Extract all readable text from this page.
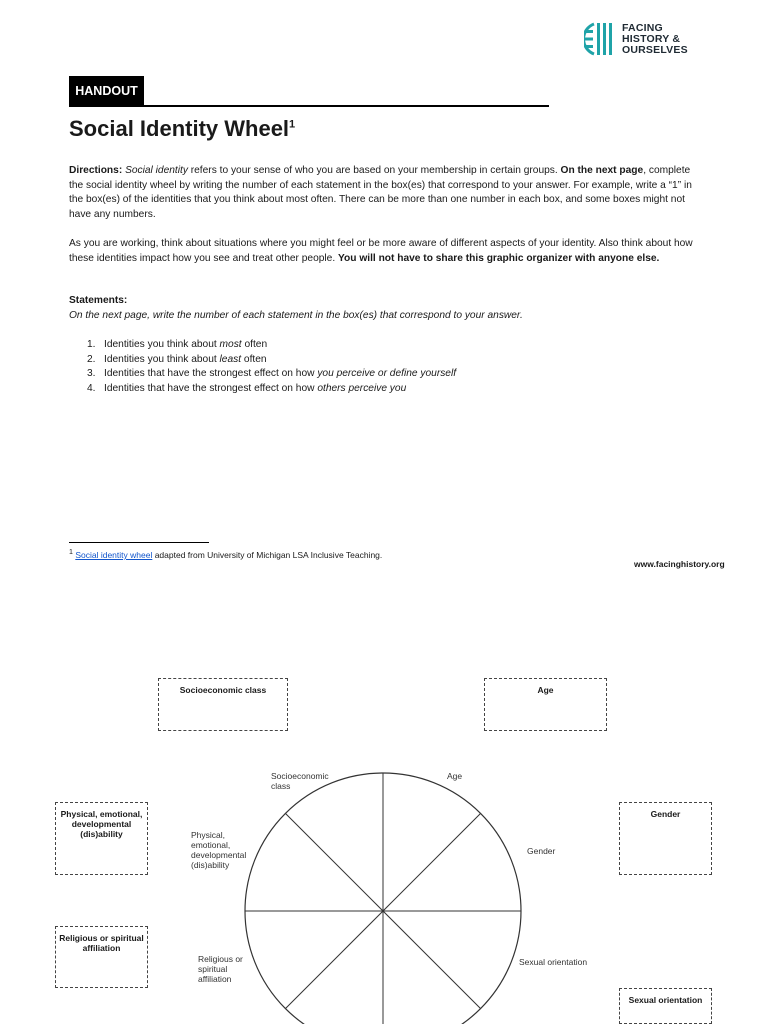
FACING
HISTORY &
OURSELVES
HANDOUT
Social Identity Wheel$^1$
Directions: Social identity refers to your sense of who you are based on your membership in certain groups. On the next page, complete the social identity wheel by writing the number of each statement in the box(es) that correspond to your answer. For example, write a “1” in the box(es) of the identities that you think about most often. There can be more than one number in each box, and some boxes might not have any numbers.
As you are working, think about situations where you might feel or be more aware of different aspects of your identity. Also think about how these identities impact how you see and treat other people. You will not have to share this graphic organizer with anyone else.
Statements:
On the next page, write the number of each statement in the box(es) that correspond to your answer.
1. Identities you think about most often
2. Identities you think about least often
3. Identities that have the strongest effect on how you perceive or define yourself
4. Identities that have the strongest effect on how others perceive you
$^1$ Social identity wheel adapted from University of Michigan LSA Inclusive Teaching.
www.facinghistory.org
Socioeconomic class
Age
Physical, emotional, developmental (dis)ability
Gender
Religious or spiritual affiliation
Sexual orientation
Socioeconomic class	Age
Physical, emotional, developmental (dis)ability
Gender
Religious or spiritual affiliation
Sexual orientation
